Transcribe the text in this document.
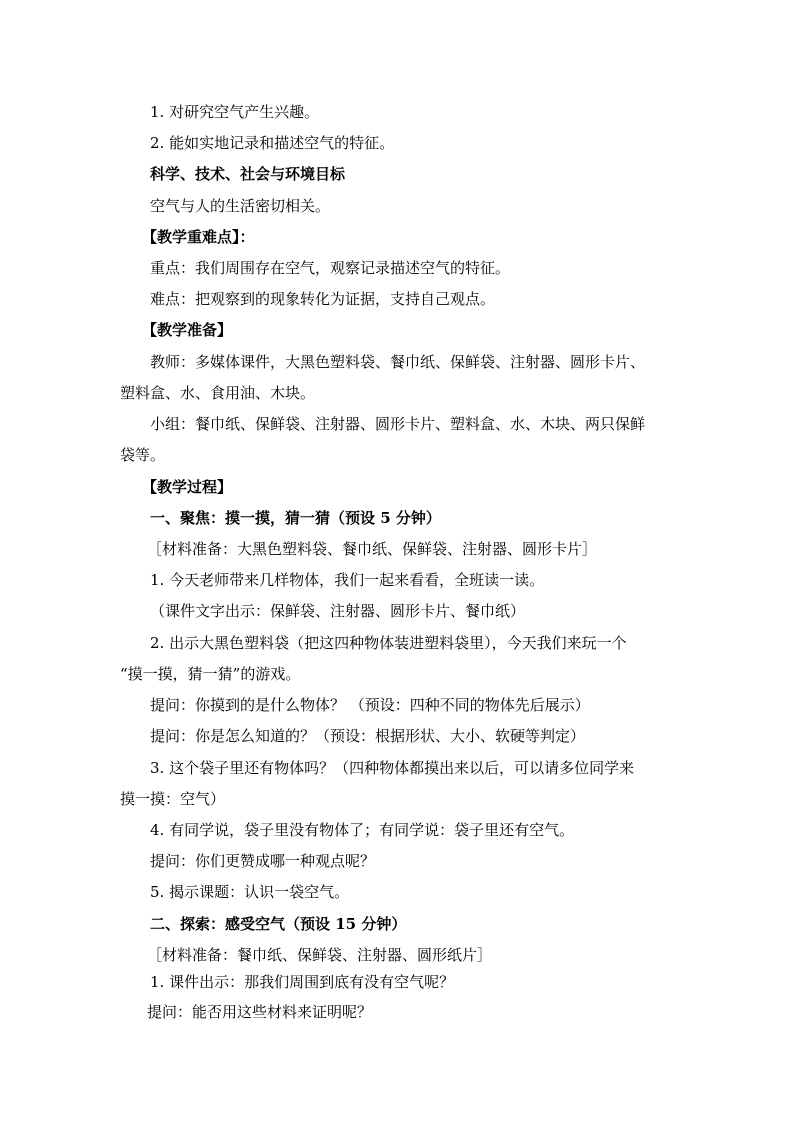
1. 对研究空气产生兴趣。
2. 能如实地记录和描述空气的特征。
科学、技术、社会与环境目标
空气与人的生活密切相关。
【教学重难点】：
重点：我们周围存在空气，观察记录描述空气的特征。
难点：把观察到的现象转化为证据，支持自己观点。
【教学准备】
教师：多媒体课件，大黑色塑料袋、餐巾纸、保鲜袋、注射器、圆形卡片、
塑料盒、水、食用油、木块。
小组：餐巾纸、保鲜袋、注射器、圆形卡片、塑料盒、水、木块、两只保鲜
袋等。
【教学过程】
一、聚焦：摸一摸，猜一猜（预设 5 分钟）
［材料准备：大黑色塑料袋、餐巾纸、保鲜袋、注射器、圆形卡片］
1. 今天老师带来几样物体，我们一起来看看，全班读一读。
（课件文字出示：保鲜袋、注射器、圆形卡片、餐巾纸）
2. 出示大黑色塑料袋（把这四种物体装进塑料袋里），今天我们来玩一个
“摸一摸，猜一猜”的游戏。
提问：你摸到的是什么物体？ （预设：四种不同的物体先后展示）
提问：你是怎么知道的？（预设：根据形状、大小、软硬等判定）
3. 这个袋子里还有物体吗？（四种物体都摸出来以后，可以请多位同学来
摸一摸：空气）
4. 有同学说，袋子里没有物体了；有同学说：袋子里还有空气。
提问：你们更赞成哪一种观点呢？
5. 揭示课题：认识一袋空气。
二、探索：感受空气（预设 15 分钟）
［材料准备：餐巾纸、保鲜袋、注射器、圆形纸片］
1. 课件出示：那我们周围到底有没有空气呢？
提问：能否用这些材料来证明呢？
